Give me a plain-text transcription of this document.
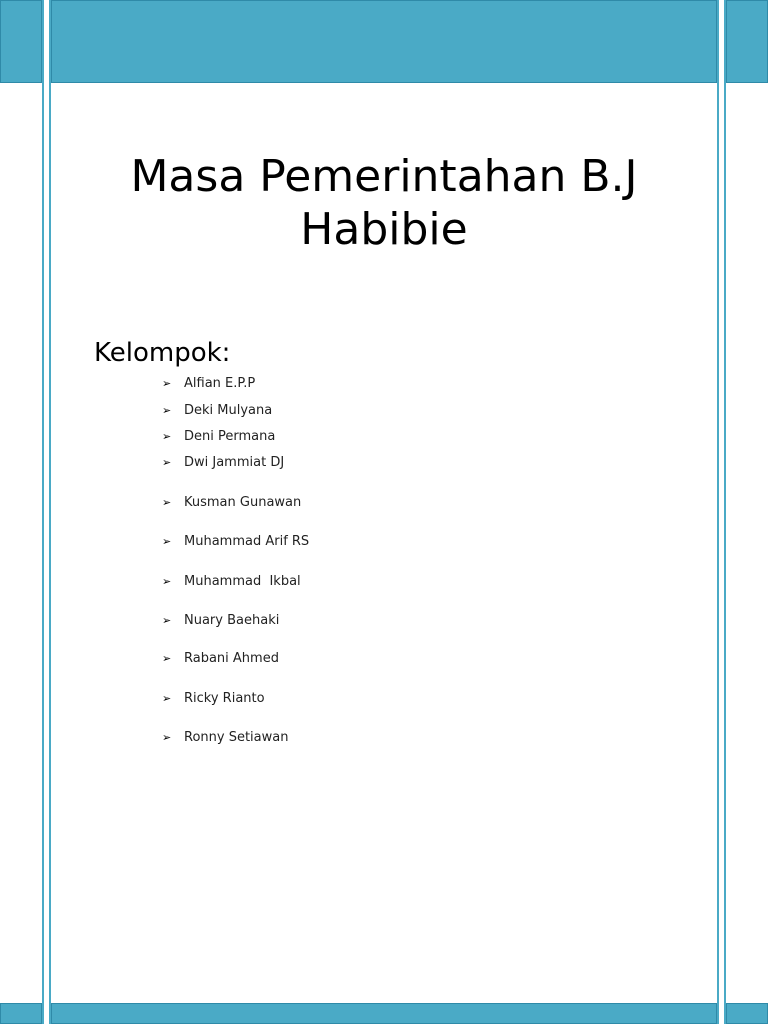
Masa Pemerintahan B.J Habibie
Kelompok:
➢ Alfian E.P.P
➢ Deki Mulyana
➢ Deni Permana
➢ Dwi Jammiat DJ
➢ Kusman Gunawan
➢ Muhammad Arif RS
➢ Muhammad  Ikbal
➢ Nuary Baehaki
➢ Rabani Ahmed
➢ Ricky Rianto
➢ Ronny Setiawan
